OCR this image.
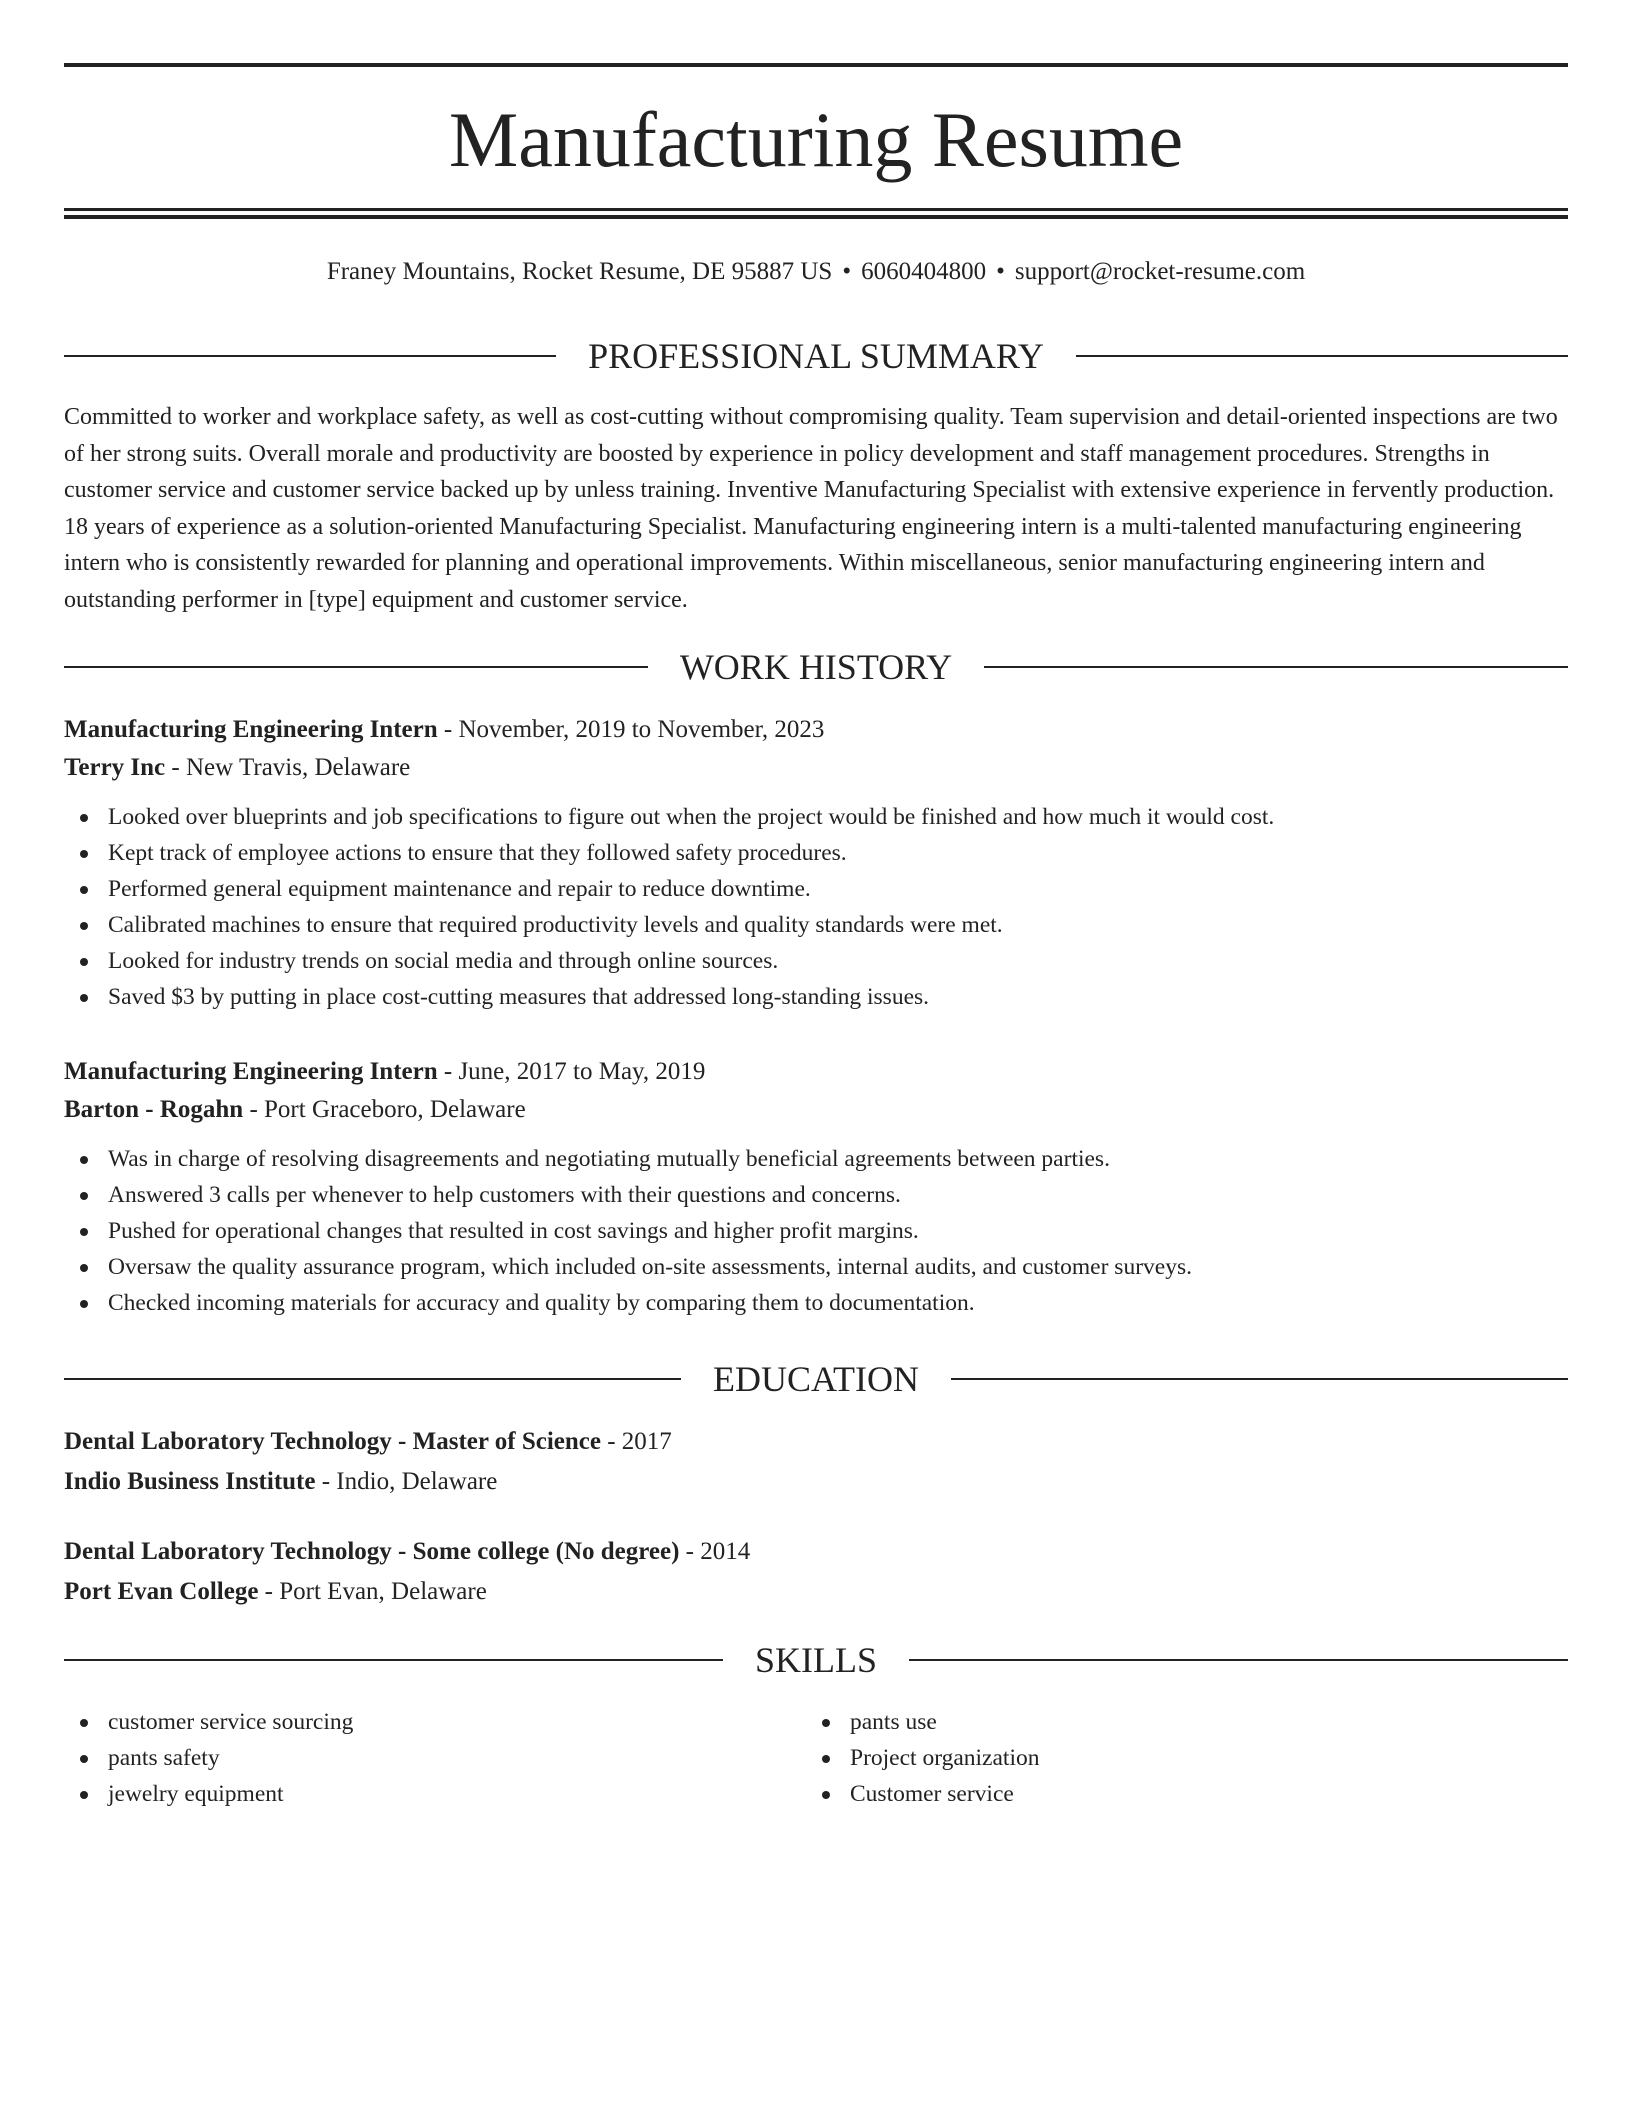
Manufacturing Resume
Franey Mountains, Rocket Resume, DE 95887 US • 6060404800 • support@rocket-resume.com
PROFESSIONAL SUMMARY

Committed to worker and workplace safety, as well as cost-cutting without compromising quality. Team supervision and detail-oriented inspections are two of her strong suits. Overall morale and productivity are boosted by experience in policy development and staff management procedures. Strengths in customer service and customer service backed up by unless training. Inventive Manufacturing Specialist with extensive experience in fervently production. 18 years of experience as a solution-oriented Manufacturing Specialist. Manufacturing engineering intern is a multi-talented manufacturing engineering intern who is consistently rewarded for planning and operational improvements. Within miscellaneous, senior manufacturing engineering intern and outstanding performer in [type] equipment and customer service.

WORK HISTORY

Manufacturing Engineering Intern - November, 2019 to November, 2023

Terry Inc - New Travis, Delaware

Looked over blueprints and job specifications to figure out when the project would be finished and how much it would cost.
Kept track of employee actions to ensure that they followed safety procedures.
Performed general equipment maintenance and repair to reduce downtime.
Calibrated machines to ensure that required productivity levels and quality standards were met.
Looked for industry trends on social media and through online sources.
Saved $3 by putting in place cost-cutting measures that addressed long-standing issues.

Manufacturing Engineering Intern - June, 2017 to May, 2019

Barton - Rogahn - Port Graceboro, Delaware

Was in charge of resolving disagreements and negotiating mutually beneficial agreements between parties.
Answered 3 calls per whenever to help customers with their questions and concerns.
Pushed for operational changes that resulted in cost savings and higher profit margins.
Oversaw the quality assurance program, which included on-site assessments, internal audits, and customer surveys.
Checked incoming materials for accuracy and quality by comparing them to documentation.
EDUCATION

Dental Laboratory Technology - Master of Science - 2017

Indio Business Institute - Indio, Delaware

Dental Laboratory Technology - Some college (No degree) - 2014

Port Evan College - Port Evan, Delaware

SKILLS
customer service sourcing
pants safety
jewelry equipment
pants use
Project organization
Customer service
